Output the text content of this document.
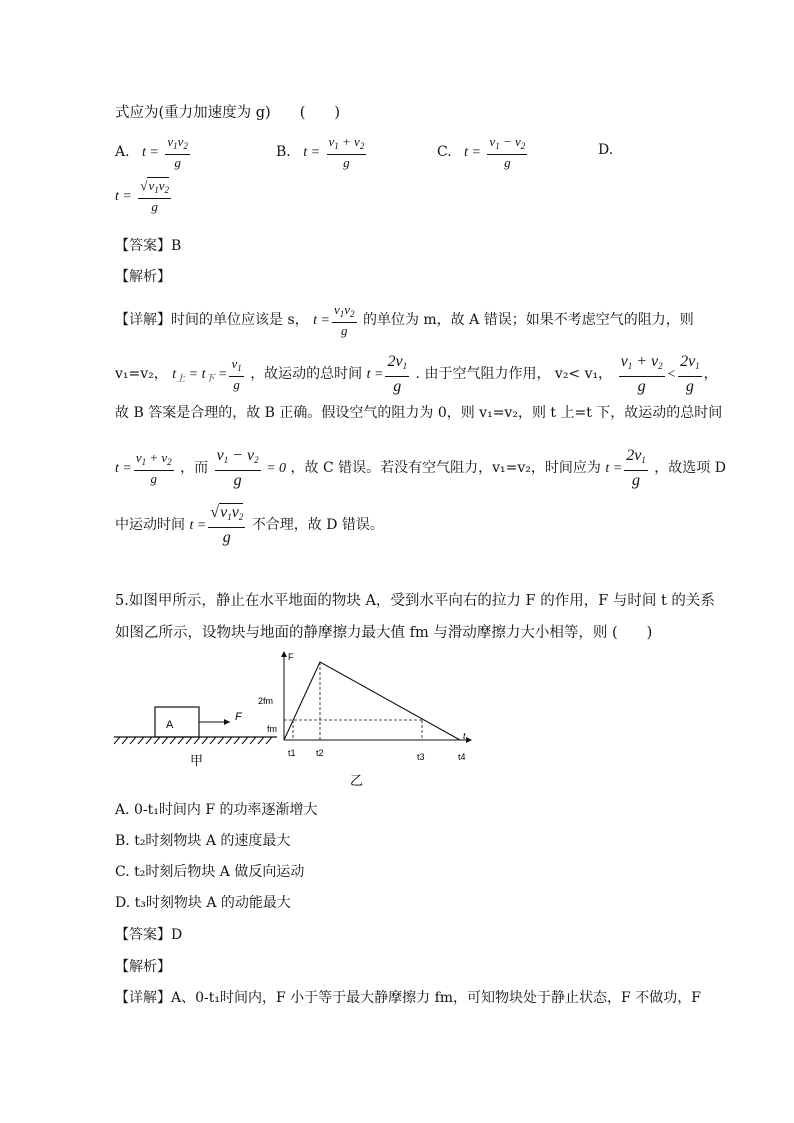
式应为(重力加速度为 g)　　(　　)
A. $t = \frac{v_1v_2}{g}$	B. $t = \frac{v_1 + v_2}{g}$	C. $t = \frac{v_1 - v_2}{g}$	D.
$t = \frac{√v_1v_2}{g}$
【答案】B
【解析】
【详解】时间的单位应该是 s， $t = \frac{v_1v_2}{g}$ 的单位为 m，故 A 错误；如果不考虑空气的阻力，则
v₁=v₂， $t_上 = t_下 = \frac{v_1}{g}$ ，故运动的总时间 $t = \frac{2v_1}{g}$ . 由于空气阻力作用， v₂< v₁， $\frac{v_1 + v_2}{g} < \frac{2v_1}{g}$ ，
故 B 答案是合理的，故 B 正确。假设空气的阻力为 0，则 v₁=v₂，则 t 上=t 下，故运动的总时间
$t = \frac{v_1 + v_2}{g}$ ，而 $\frac{v_1 - v_2}{g} = 0$ ，故 C 错误。若没有空气阻力，v₁=v₂，时间应为 $t = \frac{2v_1}{g}$ ，故选项 D
中运动时间 $t = \frac{√v_1v_2}{g}$ 不合理，故 D 错误。
5.如图甲所示，静止在水平地面的物块 A，受到水平向右的拉力 F 的作用，F 与时间 t 的关系
如图乙所示，设物块与地面的静摩擦力最大值 fm 与滑动摩擦力大小相等，则 (　　)
A
F
甲
t
F
2fm
fm
t1 t2	t3	t4
乙
A. 0-t₁时间内 F 的功率逐渐增大
B. t₂时刻物块 A 的速度最大
C. t₂时刻后物块 A 做反向运动
D. t₃时刻物块 A 的动能最大
【答案】D
【解析】
【详解】A、0-t₁时间内，F 小于等于最大静摩擦力 fm，可知物块处于静止状态，F 不做功，F
